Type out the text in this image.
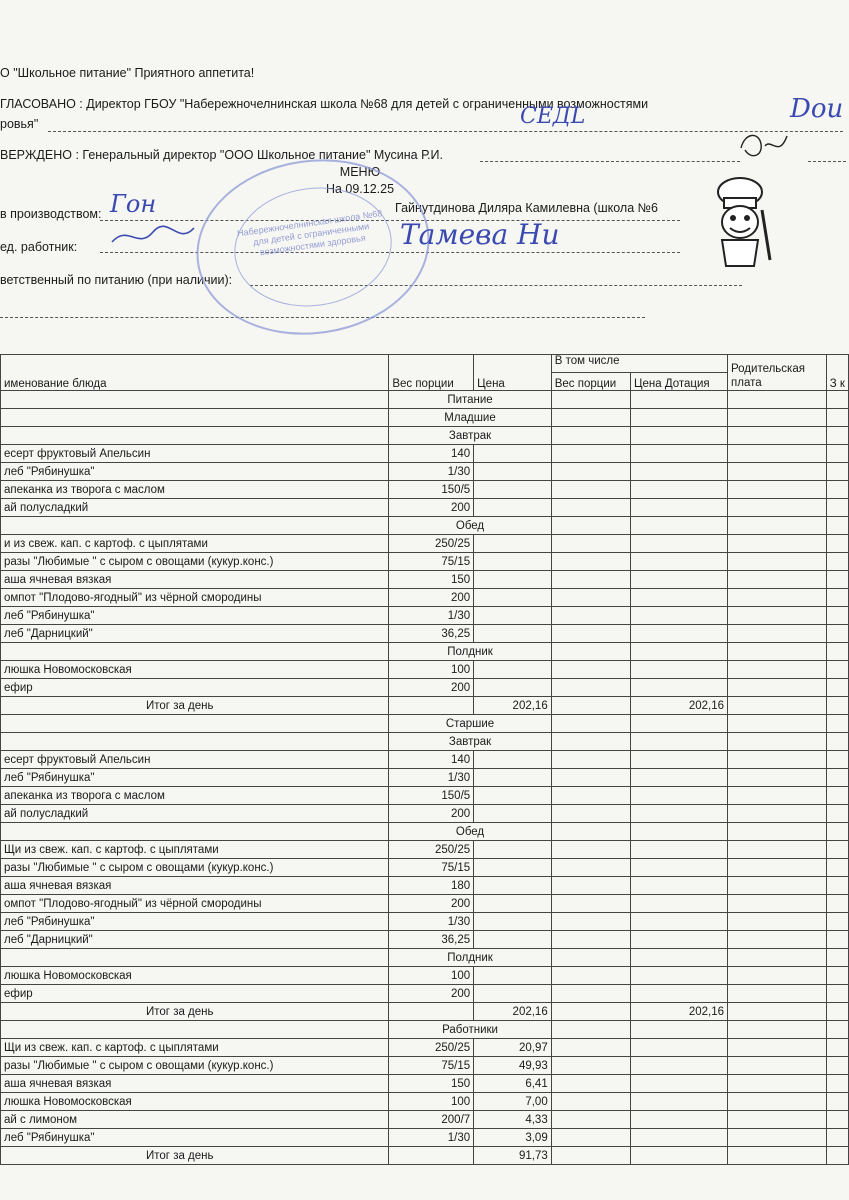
О "Школьное питание" Приятного аппетита!
ГЛАСОВАНО : Директор ГБОУ "Набережночелнинская школа №68 для детей с ограниченными возможностями
ровья"
ВЕРЖДЕНО : Генеральный директор "ООО Школьное питание" Мусина Р.И.
МЕНЮ
На 09.12.25
в производством:	Гайнутдинова Диляра Камилевна (школа №6
ед. работник:
ветственный по питанию (при наличии):
Набережночелнинская школа №68 для детей с ограниченными возможностями здоровья
СЕДL	Dou
Гон
Тамева Ни
именование блюда	Вес порции	Цена	В том числе		Родительская плата	З к
			Вес порции	Цена Дотация		
	Питание					
	Младшие					
	Завтрак					
есерт фруктовый Апельсин	140					
леб "Рябинушка"	1/30					
апеканка из творога с маслом	150/5					
ай полусладкий	200					
	Обед					
и из свеж. кап. с картоф. с цыплятами	250/25					
разы "Любимые " с сыром с овощами (кукур.конс.)	75/15					
аша ячневая вязкая	150					
омпот "Плодово-ягодный" из чёрной смородины	200					
леб "Рябинушка"	1/30					
леб "Дарницкий"	36,25					
	Полдник					
люшка Новомосковская	100					
ефир	200					
Итог за день		202,16		202,16		
	Старшие					
	Завтрак					
есерт фруктовый Апельсин	140					
леб "Рябинушка"	1/30					
апеканка из творога с маслом	150/5					
ай полусладкий	200					
	Обед					
Щи из свеж. кап. с картоф. с цыплятами	250/25					
разы "Любимые " с сыром с овощами (кукур.конс.)	75/15					
аша ячневая вязкая	180					
омпот "Плодово-ягодный" из чёрной смородины	200					
леб "Рябинушка"	1/30					
леб "Дарницкий"	36,25					
	Полдник					
люшка Новомосковская	100					
ефир	200					
Итог за день		202,16		202,16		
	Работники					
Щи из свеж. кап. с картоф. с цыплятами	250/25	20,97				
разы "Любимые " с сыром с овощами (кукур.конс.)	75/15	49,93				
аша ячневая вязкая	150	6,41				
люшка Новомосковская	100	7,00				
ай с лимоном	200/7	4,33				
леб "Рябинушка"	1/30	3,09				
Итог за день		91,73				
